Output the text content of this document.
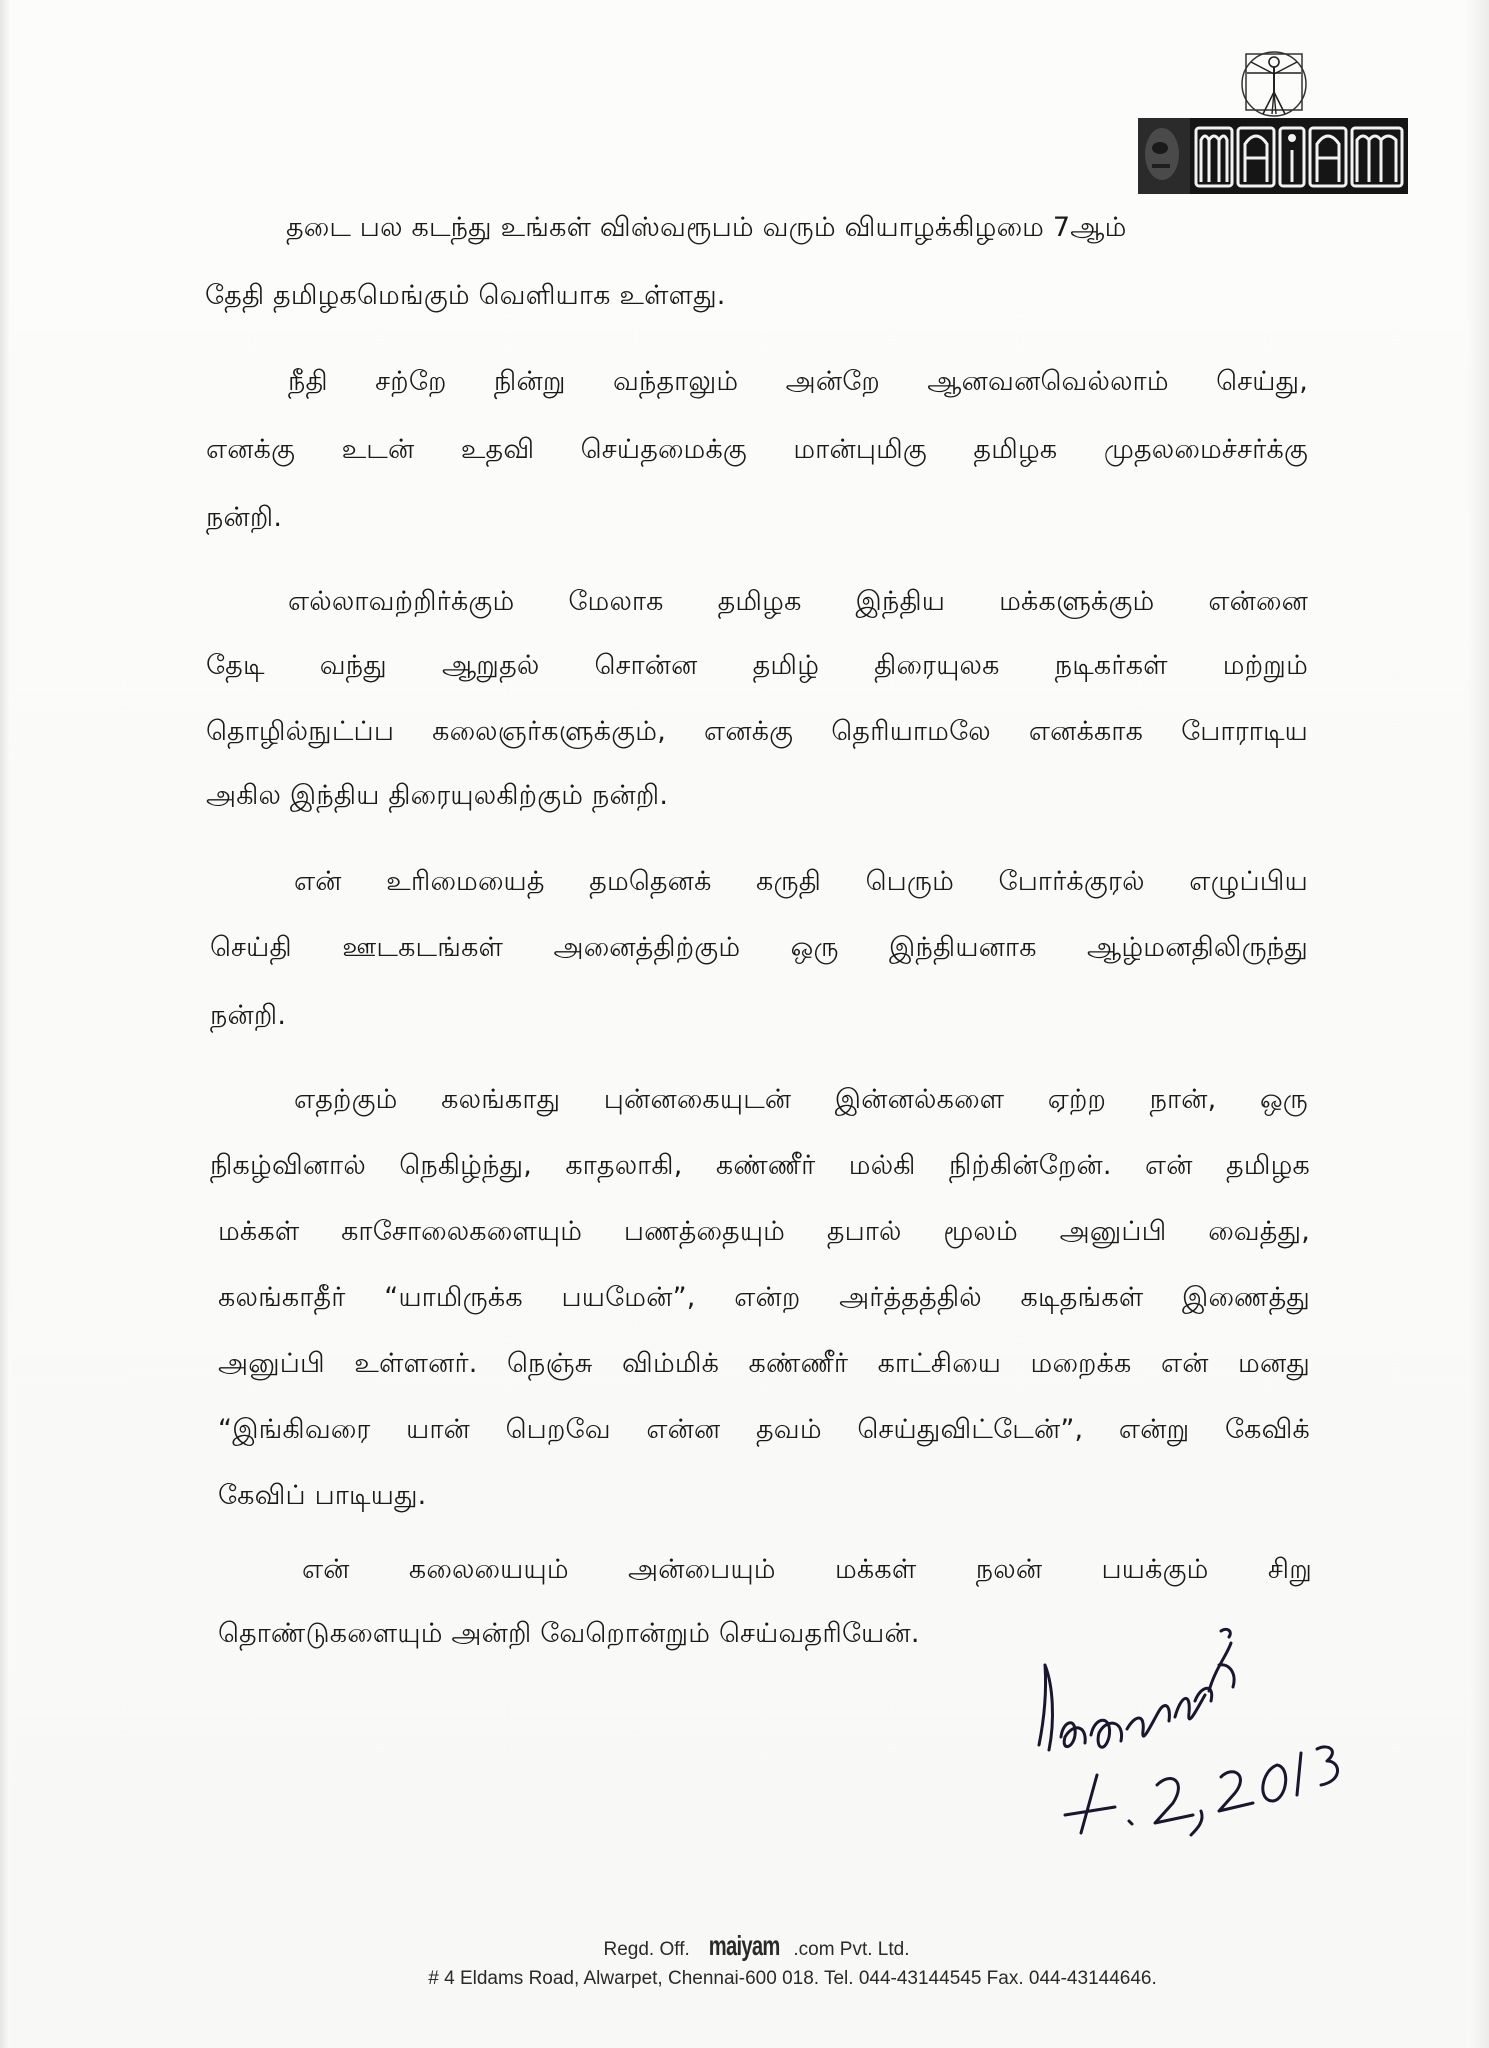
தடை பல கடந்து உங்கள் விஸ்வரூபம் வரும் வியாழக்கிழமை 7ஆம்
தேதி தமிழகமெங்கும் வெளியாக உள்ளது.
நீதி சற்றே நின்று வந்தாலும் அன்றே ஆனவனவெல்லாம் செய்து,
எனக்கு உடன் உதவி செய்தமைக்கு மான்புமிகு தமிழக முதலமைச்சர்க்கு
நன்றி.
எல்லாவற்றிர்க்கும் மேலாக தமிழக இந்திய மக்களுக்கும் என்னை
தேடி வந்து ஆறுதல் சொன்ன தமிழ் திரையுலக நடிகர்கள் மற்றும்
தொழில்நுட்ப்ப கலைஞர்களுக்கும், எனக்கு தெரியாமலே எனக்காக போராடிய
அகில இந்திய திரையுலகிற்கும் நன்றி.
என் உரிமையைத் தமதெனக் கருதி பெரும் போர்க்குரல் எழுப்பிய
செய்தி ஊடகடங்கள் அனைத்திற்கும் ஒரு இந்தியனாக ஆழ்மனதிலிருந்து
நன்றி.
எதற்கும் கலங்காது புன்னகையுடன் இன்னல்களை ஏற்ற நான், ஒரு
நிகழ்வினால் நெகிழ்ந்து, காதலாகி, கண்ணீர் மல்கி நிற்கின்றேன். என் தமிழக
மக்கள் காசோலைகளையும் பணத்தையும் தபால் மூலம் அனுப்பி வைத்து,
கலங்காதீர் “யாமிருக்க பயமேன்”, என்ற அர்த்தத்தில் கடிதங்கள் இணைத்து
அனுப்பி உள்ளனர். நெஞ்சு விம்மிக் கண்ணீர் காட்சியை மறைக்க என் மனது
“இங்கிவரை யான் பெறவே என்ன தவம் செய்துவிட்டேன்”, என்று கேவிக்
கேவிப் பாடியது.
என் கலையையும் அன்பையும் மக்கள் நலன் பயக்கும் சிறு
தொண்டுகளையும் அன்றி வேறொன்றும் செய்வதரியேன்.
Regd. Off. maiyam .com Pvt. Ltd.
# 4 Eldams Road, Alwarpet, Chennai-600 018. Tel. 044-43144545 Fax. 044-43144646.
